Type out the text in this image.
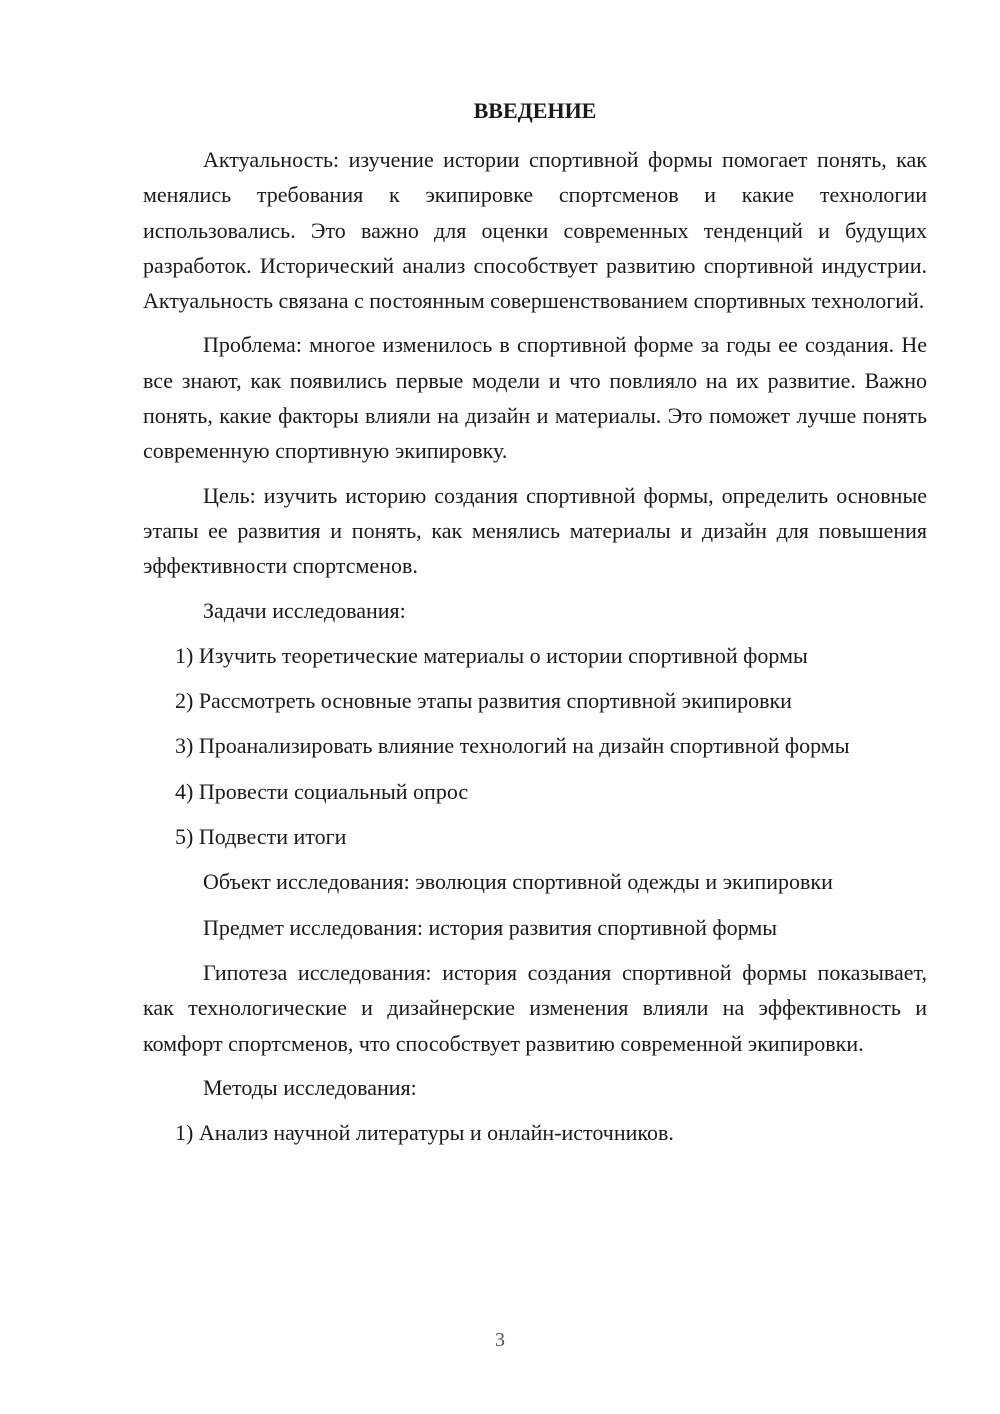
ВВЕДЕНИЕ

Актуальность: изучение истории спортивной формы помогает понять, как менялись требования к экипировке спортсменов и какие технологии использовались. Это важно для оценки современных тенденций и будущих разработок. Исторический анализ способствует развитию спортивной индустрии. Актуальность связана с постоянным совершенствованием спортивных технологий.

Проблема: многое изменилось в спортивной форме за годы ее создания. Не все знают, как появились первые модели и что повлияло на их развитие. Важно понять, какие факторы влияли на дизайн и материалы. Это поможет лучше понять современную спортивную экипировку.

Цель: изучить историю создания спортивной формы, определить основные этапы ее развития и понять, как менялись материалы и дизайн для повышения эффективности спортсменов.

Задачи исследования:

1) Изучить теоретические материалы о истории спортивной формы

2) Рассмотреть основные этапы развития спортивной экипировки

3) Проанализировать влияние технологий на дизайн спортивной формы

4) Провести социальный опрос

5) Подвести итоги

Объект исследования: эволюция спортивной одежды и экипировки

Предмет исследования: история развития спортивной формы

Гипотеза исследования: история создания спортивной формы показывает, как технологические и дизайнерские изменения влияли на эффективность и комфорт спортсменов, что способствует развитию современной экипировки.

Методы исследования:

1) Анализ научной литературы и онлайн-источников.

3
